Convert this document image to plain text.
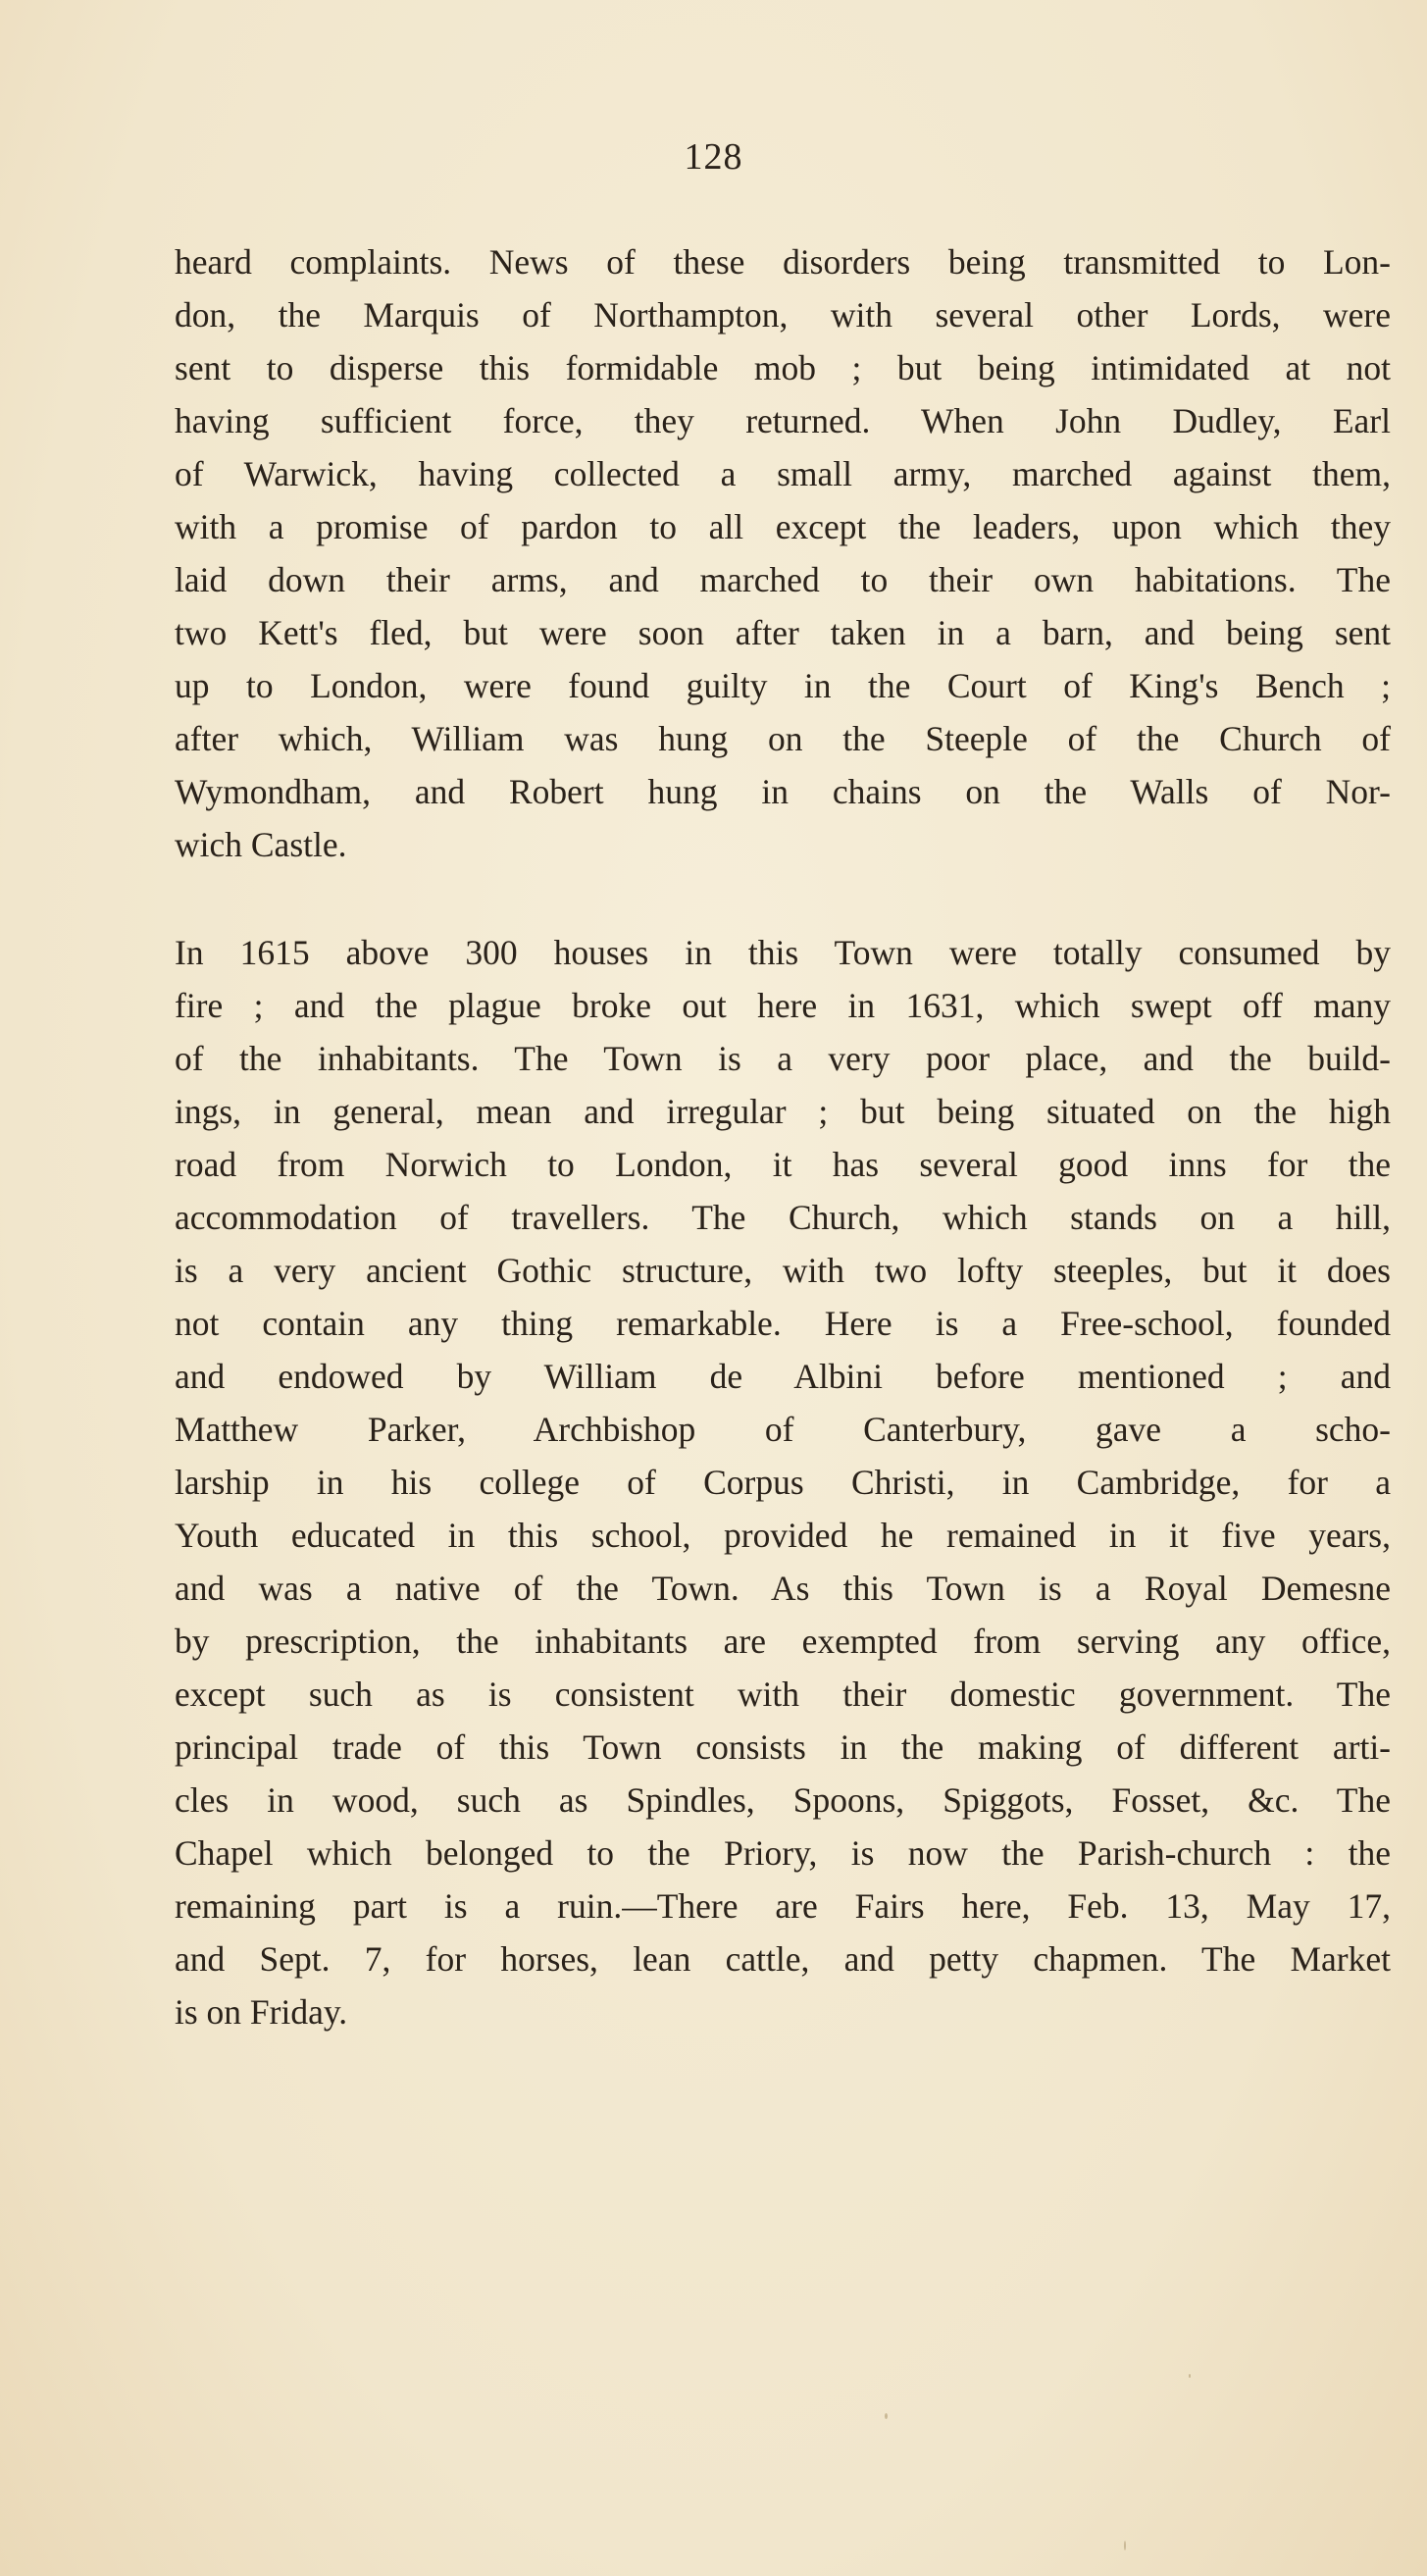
128
heard complaints. News of these disorders being transmitted to Lon-
don, the Marquis of Northampton, with several other Lords, were
sent to disperse this formidable mob ; but being intimidated at not
having sufficient force, they returned. When John Dudley, Earl
of Warwick, having collected a small army, marched against them,
with a promise of pardon to all except the leaders, upon which they
laid down their arms, and marched to their own habitations. The
two Kett's fled, but were soon after taken in a barn, and being sent
up to London, were found guilty in the Court of King's Bench ;
after which, William was hung on the Steeple of the Church of
Wymondham, and Robert hung in chains on the Walls of Nor-
wich Castle.
In 1615 above 300 houses in this Town were totally consumed by
fire ; and the plague broke out here in 1631, which swept off many
of the inhabitants. The Town is a very poor place, and the build-
ings, in general, mean and irregular ; but being situated on the high
road from Norwich to London, it has several good inns for the
accommodation of travellers. The Church, which stands on a hill,
is a very ancient Gothic structure, with two lofty steeples, but it does
not contain any thing remarkable. Here is a Free-school, founded
and endowed by William de Albini before mentioned ; and
Matthew Parker, Archbishop of Canterbury, gave a scho-
larship in his college of Corpus Christi, in Cambridge, for a
Youth educated in this school, provided he remained in it five years,
and was a native of the Town. As this Town is a Royal Demesne
by prescription, the inhabitants are exempted from serving any office,
except such as is consistent with their domestic government. The
principal trade of this Town consists in the making of different arti-
cles in wood, such as Spindles, Spoons, Spiggots, Fosset, &c. The
Chapel which belonged to the Priory, is now the Parish-church : the
remaining part is a ruin.—There are Fairs here, Feb. 13, May 17,
and Sept. 7, for horses, lean cattle, and petty chapmen. The Market
is on Friday.
